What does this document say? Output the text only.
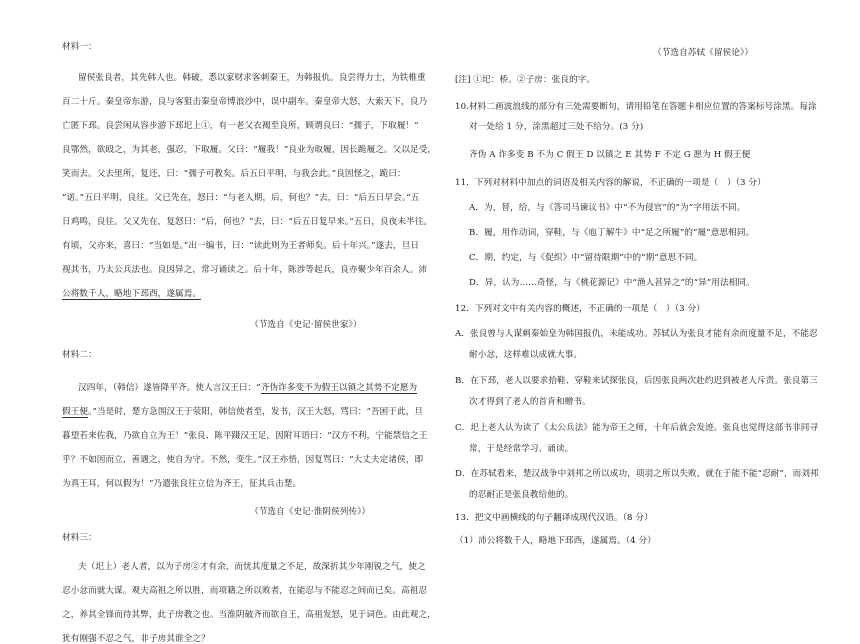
材料一：
留侯张良者，其先韩人也。韩破，悉以家财求客刺秦王，为韩报仇。良尝得力士，为铁椎重
百二十斤。秦皇帝东游，良与客狙击秦皇帝博浪沙中，误中副车。秦皇帝大怒，大索天下，良乃
亡匿下邳。良尝闲从容步游下邳圯上①，有一老父衣褐至良所，顾谓良曰：“孺子，下取履！”
良鄂然，欲殴之，为其老，强忍，下取履。父曰：“履我！”良业为取履，因长跪履之。父以足受，
笑而去。父去里所，复还，曰：“孺子可教矣。后五日平明，与我会此。”良因怪之，跪曰：
“诺。”五日平明，良往。父已先在，怒曰：“与老人期，后，何也？”去，曰：“后五日早会。”五
日鸡鸣，良往。父又先在，复怒曰：“后，何也？”去，曰：“后五日复早来。”五日，良夜未半往。
有顷，父亦来，喜曰：“当如是。”出一编书，曰：“读此则为王者师矣。后十年兴。”遂去，旦日
视其书，乃太公兵法也。良因异之，常习诵读之。后十年，陈涉等起兵，良亦聚少年百余人。沛
公将数千人，略地下邳西，遂属焉。
（节选自《史记·留侯世家》）
材料二：
汉四年，（韩信）遂皆降平齐。使人言汉王曰：“齐伪诈多变不为假王以镇之其势不定愿为
假王便。”当是时，楚方急围汉王于荥阳，韩信使者至，发书，汉王大怒，骂曰：“吾困于此，旦
暮望若来佐我，乃欲自立为王！”张良、陈平蹑汉王足，因附耳语曰：“汉方不利，宁能禁信之王
乎？不如因而立，善遇之，使自为守。不然，变生。”汉王亦悟，因复骂曰：“大丈夫定诸侯，即
为真王耳，何以假为！”乃遣张良往立信为齐王，征其兵击楚。
（节选自《史记·淮阴侯列传》）
材料三：
夫（圯上）老人者，以为子房②才有余，而忧其度量之不足，故深折其少年刚锐之气，使之
忍小忿而就大谋。观夫高祖之所以胜，而项籍之所以败者，在能忍与不能忍之间而已矣。高祖忍
之，养其全锋而待其弊，此子房教之也。当淮阴破齐而欲自王，高祖发怒，见于词色。由此观之，
犹有刚强不忍之气，非子房其谁全之？
（节选自苏轼《留侯论》）
[注] ①圯：桥。②子房：张良的字。
10.材料二画波浪线的部分有三处需要断句，请用铅笔在答题卡相应位置的答案标号涂黑。每涂
对一处给 1 分，涂黑超过三处不给分。(3 分)
齐伪 A 诈多变 B 不为 C 假王 D 以镇之 E 其势 F 不定 G 愿为 H 假王便
11．下列对材料中加点的词语及相关内容的解说，不正确的一项是（　）（3 分）
A．为，替，给，与《答司马谏议书》中“不为侵官”的“为”字用法不同。
B．履，用作动词，穿鞋，与《庖丁解牛》中“足之所履”的“履”意思相同。
C．期，约定，与《促织》中“留待限期”中的“期”意思不同。
D．异，认为……奇怪，与《桃花源记》中“渔人甚异之”的“异”用法相同。
12．下列对文中有关内容的概述，不正确的一项是（　）（3 分）
A．张良曾与人谋刺秦始皇为韩国报仇，未能成功。苏轼认为张良才能有余而度量不足，不能忍
耐小忿，这样难以成就大事。
B．在下邳，老人以要求拾鞋、穿鞋来试探张良，后因张良两次赴约迟到被老人斥责。张良第三
次才得到了老人的首肯和赠书。
C．圯上老人认为读了《太公兵法》能为帝王之师，十年后就会发迹。张良也觉得这部书非同寻
常，于是经常学习、诵读。
D．在苏轼看来，楚汉战争中刘邦之所以成功，项羽之所以失败，就在于能不能“忍耐”，而刘邦
的忍耐正是张良教给他的。
13．把文中画横线的句子翻译成现代汉语。（8 分）
（1）沛公将数千人，略地下邳西，遂属焉。（4 分）
